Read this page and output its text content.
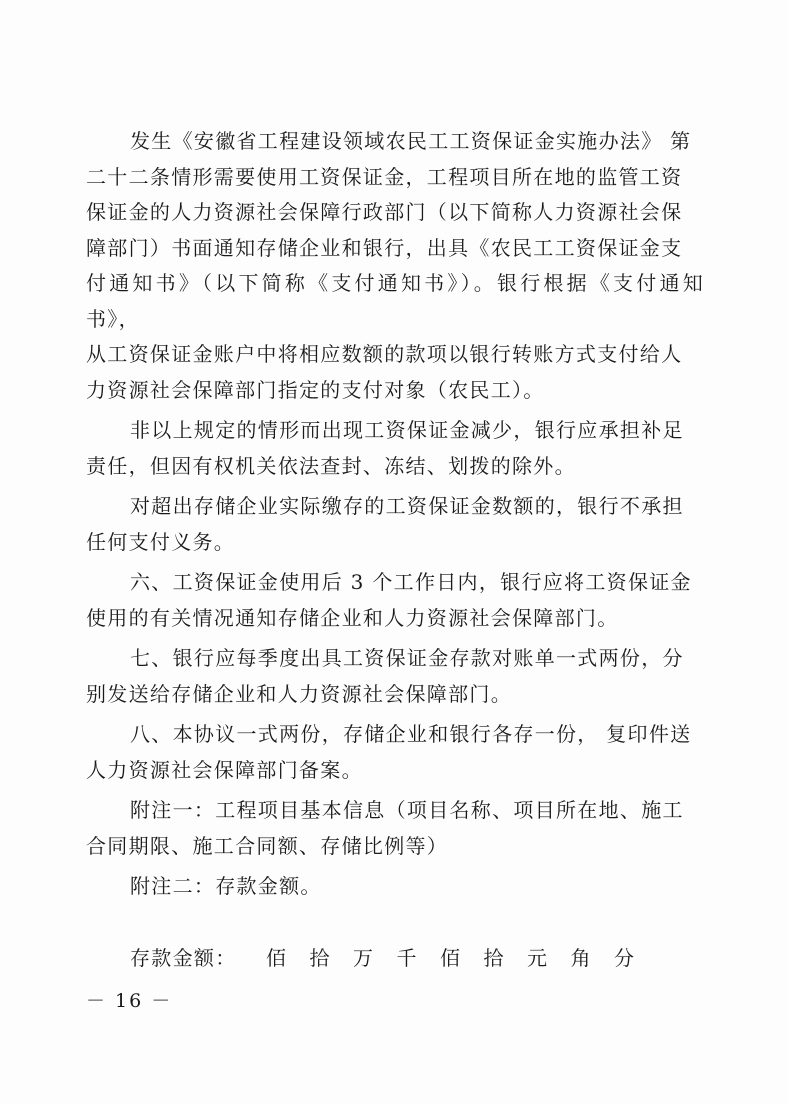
发生《安徽省工程建设领域农民工工资保证金实施办法》 第
二十二条情形需要使用工资保证金，工程项目所在地的监管工资
保证金的人力资源社会保障行政部门（以下简称人力资源社会保
障部门）书面通知存储企业和银行，出具《农民工工资保证金支
付通知书》（以下简称《支付通知书》）。银行根据《支付通知书》，
从工资保证金账户中将相应数额的款项以银行转账方式支付给人
力资源社会保障部门指定的支付对象（农民工）。

非以上规定的情形而出现工资保证金减少，银行应承担补足
责任，但因有权机关依法查封、冻结、划拨的除外。

对超出存储企业实际缴存的工资保证金数额的，银行不承担
任何支付义务。

六、工资保证金使用后 3 个工作日内，银行应将工资保证金
使用的有关情况通知存储企业和人力资源社会保障部门。

七、银行应每季度出具工资保证金存款对账单一式两份，分
别发送给存储企业和人力资源社会保障部门。

八、本协议一式两份，存储企业和银行各存一份， 复印件送
人力资源社会保障部门备案。

附注一：工程项目基本信息（项目名称、项目所在地、施工
合同期限、施工合同额、存储比例等）

附注二：存款金额。

存款金额： 佰 拾 万 千 佰 拾 元 角 分
－ 16 －
